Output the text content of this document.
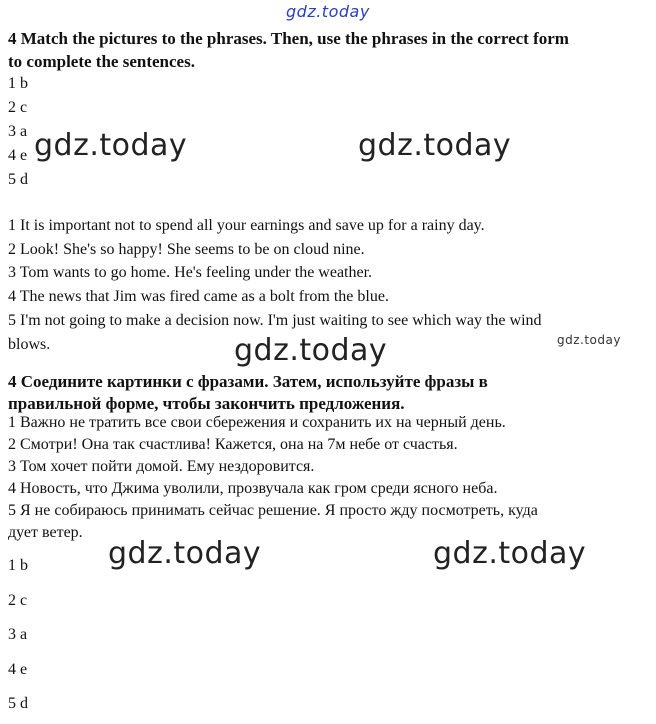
gdz.today
gdz.today	gdz.today
gdz.today	gdz.today
gdz.today	gdz.today
4 Match the pictures to the phrases. Then, use the phrases in the correct form
to complete the sentences.
1 b
2 c
3 a
4 e
5 d
1 It is important not to spend all your earnings and save up for a rainy day.
2 Look! She's so happy! She seems to be on cloud nine.
3 Tom wants to go home. He's feeling under the weather.
4 The news that Jim was fired came as a bolt from the blue.
5 I'm not going to make a decision now. I'm just waiting to see which way the wind
blows.
4 Соедините картинки с фразами. Затем, используйте фразы в
правильной форме, чтобы закончить предложения.
1 Важно не тратить все свои сбережения и сохранить их на черный день.
2 Смотри! Она так счастлива! Кажется, она на 7м небе от счастья.
3 Том хочет пойти домой. Ему нездоровится.
4 Новость, что Джима уволили, прозвучала как гром среди ясного неба.
5 Я не собираюсь принимать сейчас решение. Я просто жду посмотреть, куда
дует ветер.
1 b
2 c
3 a
4 e
5 d
